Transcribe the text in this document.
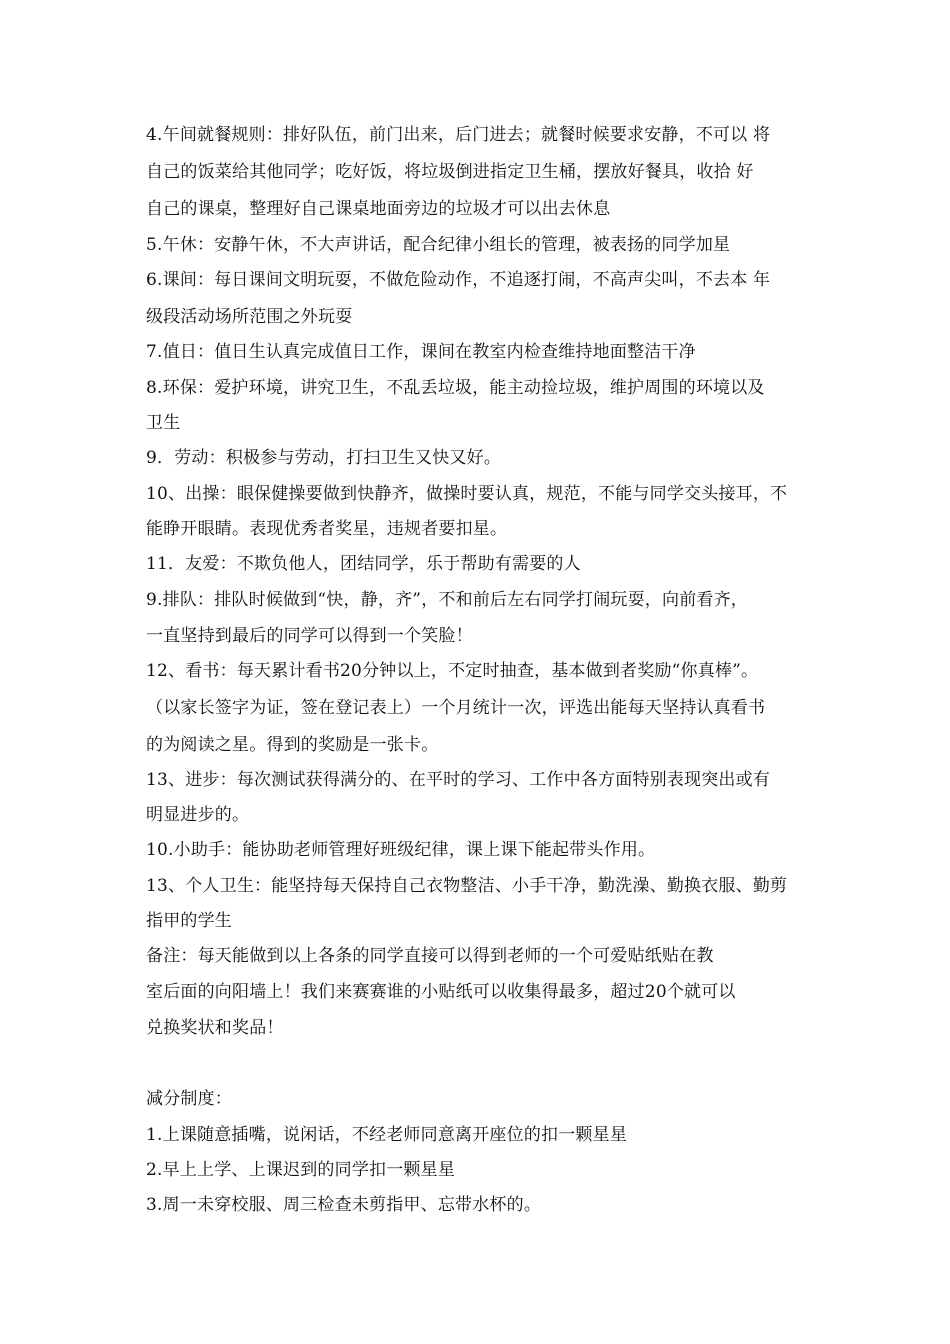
4.午间就餐规则：排好队伍，前门出来，后门进去；就餐时候要求安静，不可以 将
自己的饭菜给其他同学；吃好饭，将垃圾倒进指定卫生桶，摆放好餐具，收拾 好
自己的课桌，整理好自己课桌地面旁边的垃圾才可以出去休息
5.午休：安静午休，不大声讲话，配合纪律小组长的管理，被表扬的同学加星
6.课间：每日课间文明玩耍，不做危险动作，不追逐打闹，不高声尖叫，不去本 年
级段活动场所范围之外玩耍
7.值日：值日生认真完成值日工作，课间在教室内检查维持地面整洁干净
8.环保：爱护环境，讲究卫生，不乱丢垃圾，能主动捡垃圾，维护周围的环境以及
卫生
9．劳动：积极参与劳动，打扫卫生又快又好。
10、出操：眼保健操要做到快静齐，做操时要认真，规范，不能与同学交头接耳，不
能睁开眼睛。表现优秀者奖星，违规者要扣星。
11．友爱：不欺负他人，团结同学，乐于帮助有需要的人
9.排队：排队时候做到“快，静，齐”，不和前后左右同学打闹玩耍，向前看齐，
一直坚持到最后的同学可以得到一个笑脸！
12、看书：每天累计看书20分钟以上，不定时抽查，基本做到者奖励“你真棒”。
（以家长签字为证，签在登记表上）一个月统计一次，评选出能每天坚持认真看书
的为阅读之星。得到的奖励是一张卡。
13、进步：每次测试获得满分的、在平时的学习、工作中各方面特别表现突出或有
明显进步的。
10.小助手：能协助老师管理好班级纪律，课上课下能起带头作用。
13、个人卫生：能坚持每天保持自己衣物整洁、小手干净，勤洗澡、勤换衣服、勤剪
指甲的学生
备注：每天能做到以上各条的同学直接可以得到老师的一个可爱贴纸贴在教
室后面的向阳墙上！我们来赛赛谁的小贴纸可以收集得最多，超过20个就可以
兑换奖状和奖品！
减分制度：
1.上课随意插嘴，说闲话，不经老师同意离开座位的扣一颗星星
2.早上上学、上课迟到的同学扣一颗星星
3.周一未穿校服、周三检查未剪指甲、忘带水杯的。
